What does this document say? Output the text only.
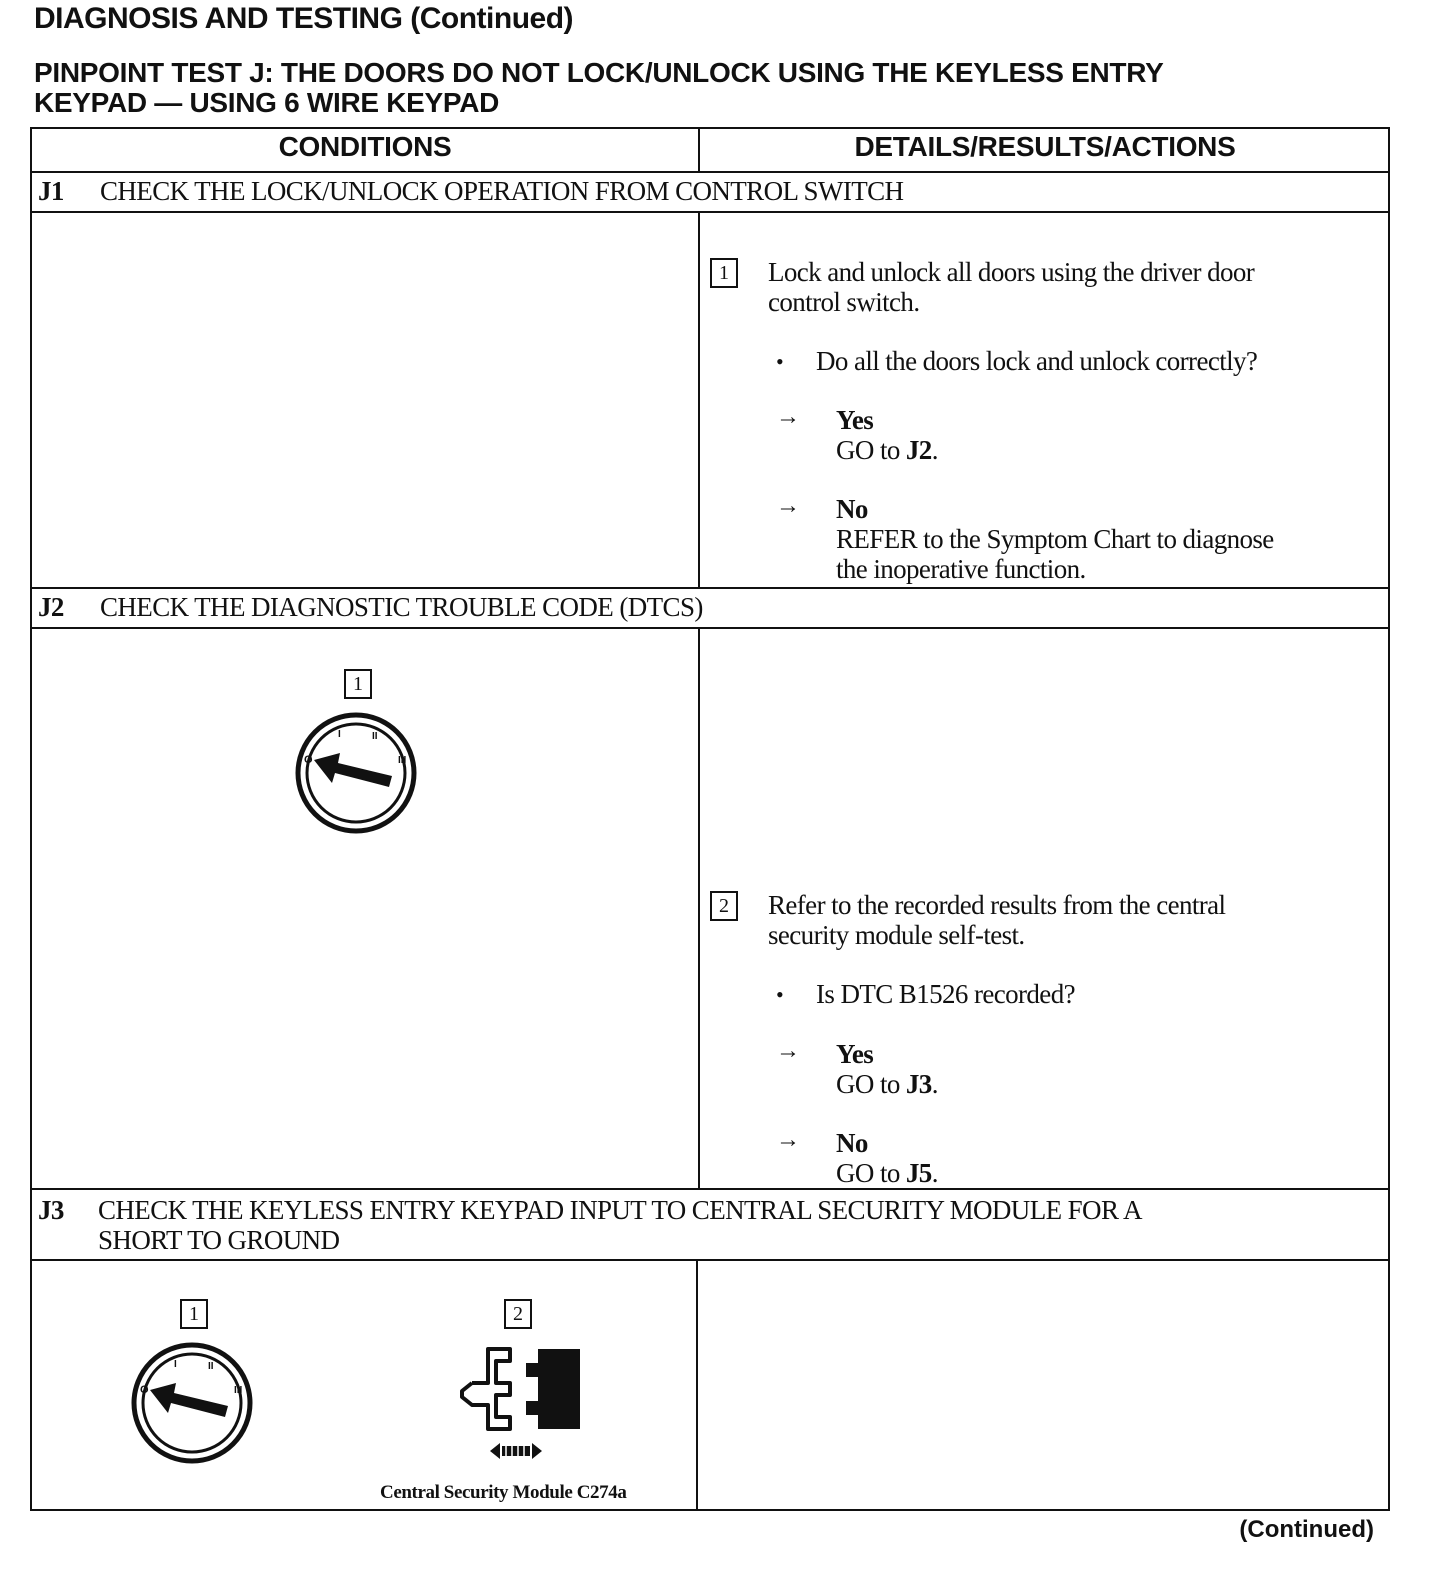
DIAGNOSIS AND TESTING (Continued)
PINPOINT TEST J: THE DOORS DO NOT LOCK/UNLOCK USING THE KEYLESS ENTRY
KEYPAD — USING 6 WIRE KEYPAD
CONDITIONS	DETAILS/RESULTS/ACTIONS
J1 CHECK THE LOCK/UNLOCK OPERATION FROM CONTROL SWITCH
1	Lock and unlock all doors using the driver door
control switch.
• Do all the doors lock and unlock correctly?
→ Yes
GO to J2.
→ No
REFER to the Symptom Chart to diagnose
the inoperative function.
J2 CHECK THE DIAGNOSTIC TROUBLE CODE (DTCS)
1
O
I	II
III
2	Refer to the recorded results from the central
security module self-test.
• Is DTC B1526 recorded?
→ Yes
GO to J3.
→ No
GO to J5.
J3 CHECK THE KEYLESS ENTRY KEYPAD INPUT TO CENTRAL SECURITY MODULE FOR A
SHORT TO GROUND
1
O
I	II
III
2
Central Security Module C274a
(Continued)
